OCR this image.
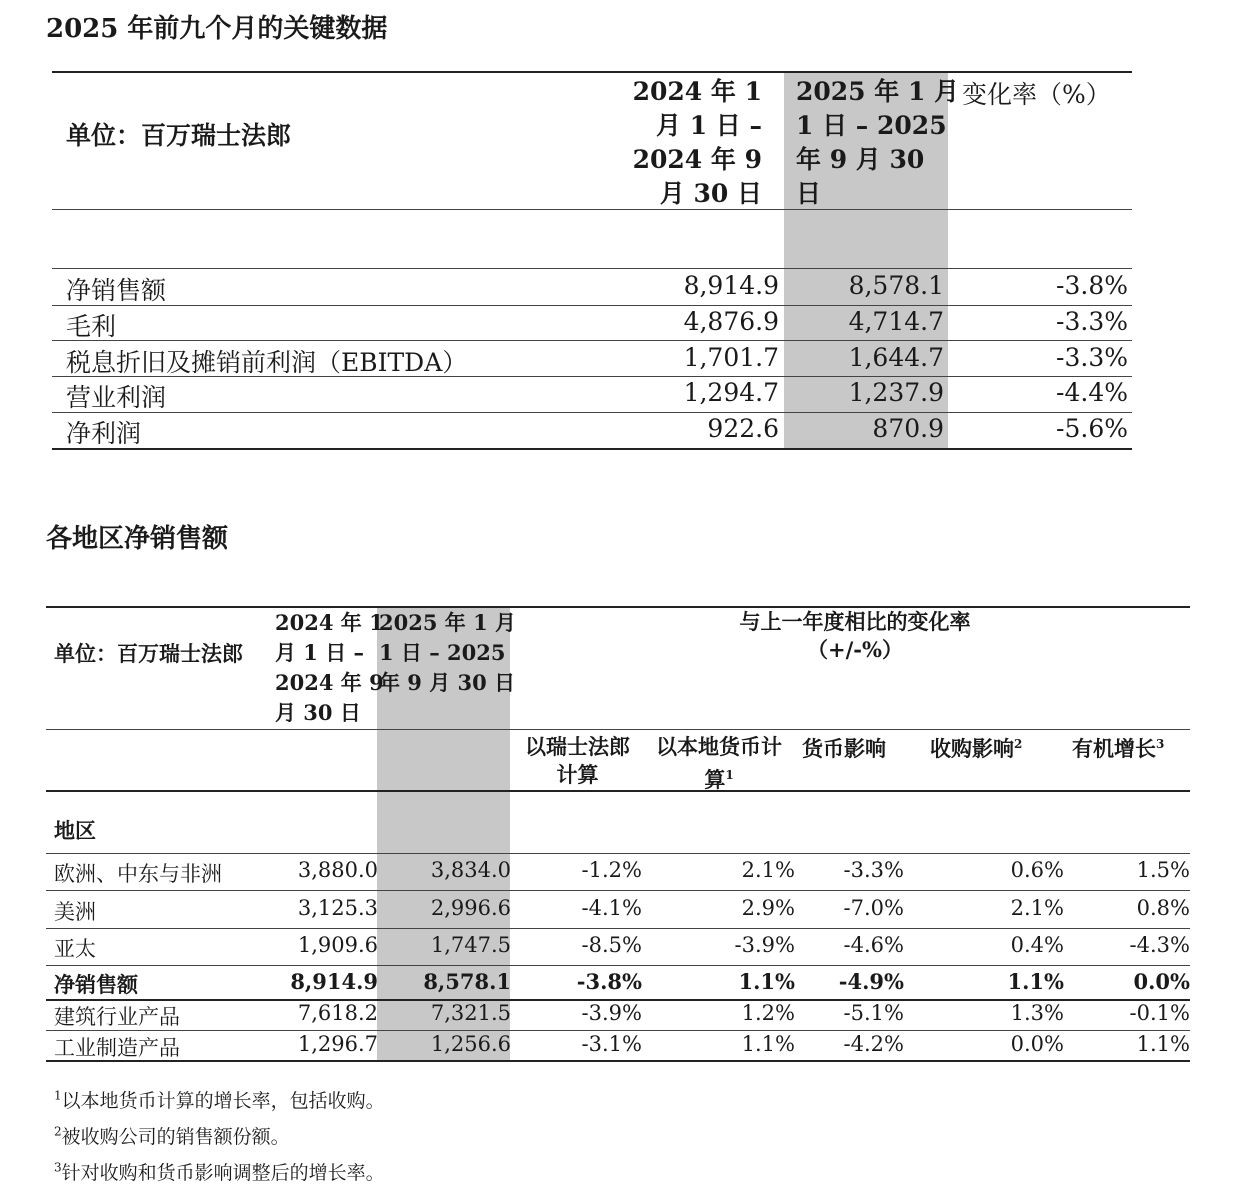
2025 年前九个月的关键数据
单位：百万瑞士法郎
2024 年 1
月 1 日 –
2024 年 9
月 30 日
2025 年 1 月
1 日 – 2025
年 9 月 30
日
变化率（%）
净销售额	8,914.9	8,578.1	-3.8%
毛利	4,876.9	4,714.7	-3.3%
税息折旧及摊销前利润（EBITDA）	1,701.7	1,644.7	-3.3%
营业利润	1,294.7	1,237.9	-4.4%
净利润	922.6	870.9	-5.6%
各地区净销售额
单位：百万瑞士法郎
2024 年 1
月 1 日 –
2024 年 9
月 30 日
2025 年 1 月
1 日 – 2025
年 9 月 30 日
与上一年度相比的变化率
（+/-%）
以瑞士法郎
计算
以本地货币计
算$^1$
货币影响 收购影响$^2$ 有机增长$^3$
地区
欧洲、中东与非洲	3,880.0	3,834.0	-1.2%	2.1% -3.3%	0.6%	1.5%
美洲	3,125.3	2,996.6	-4.1%	2.9% -7.0%	2.1%	0.8%
亚太	1,909.6	1,747.5	-8.5%	-3.9% -4.6%	0.4%	-4.3%
净销售额	8,914.9 8,578.1	-3.8%	1.1% -4.9%	1.1%	0.0%
建筑行业产品	7,618.2	7,321.5	-3.9%	1.2% -5.1%	1.3%	-0.1%
工业制造产品	1,296.7	1,256.6	-3.1%	1.1% -4.2%	0.0%	1.1%
$^1$以本地货币计算的增长率，包括收购。
$^2$被收购公司的销售额份额。
$^3$针对收购和货币影响调整后的增长率。
